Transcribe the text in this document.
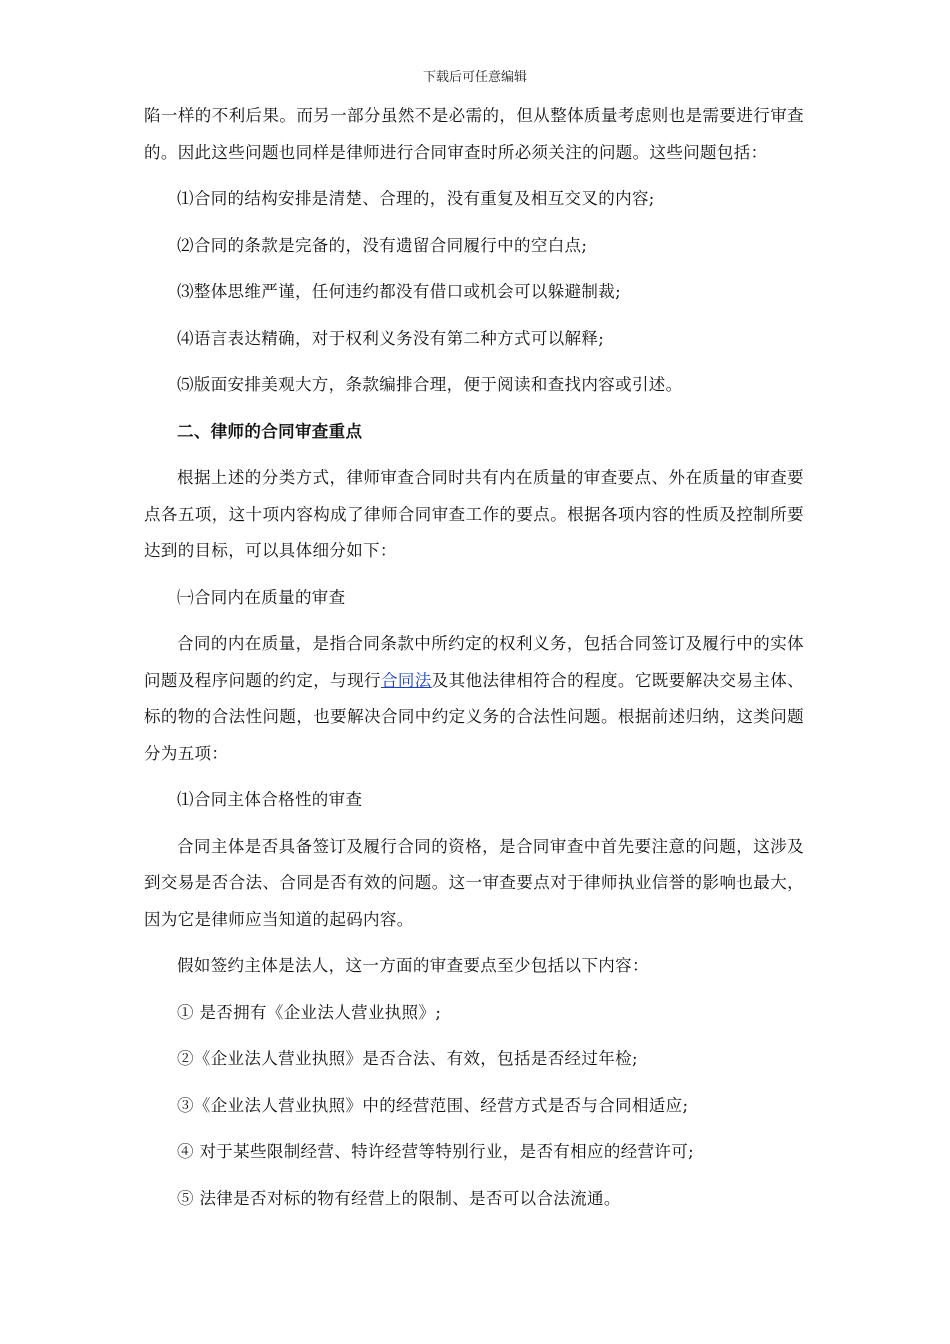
下载后可任意编辑

陷一样的不利后果。而另一部分虽然不是必需的，但从整体质量考虑则也是需要进行审查的。因此这些问题也同样是律师进行合同审查时所必须关注的问题。这些问题包括：

⑴合同的结构安排是清楚、合理的，没有重复及相互交叉的内容;

⑵合同的条款是完备的，没有遗留合同履行中的空白点;

⑶整体思维严谨，任何违约都没有借口或机会可以躲避制裁;

⑷语言表达精确，对于权利义务没有第二种方式可以解释;

⑸版面安排美观大方，条款编排合理，便于阅读和查找内容或引述。

二、律师的合同审查重点

根据上述的分类方式，律师审查合同时共有内在质量的审查要点、外在质量的审查要点各五项，这十项内容构成了律师合同审查工作的要点。根据各项内容的性质及控制所要达到的目标，可以具体细分如下：

㈠合同内在质量的审查

合同的内在质量，是指合同条款中所约定的权利义务，包括合同签订及履行中的实体问题及程序问题的约定，与现行合同法及其他法律相符合的程度。它既要解决交易主体、标的物的合法性问题，也要解决合同中约定义务的合法性问题。根据前述归纳，这类问题分为五项：

⑴合同主体合格性的审查

合同主体是否具备签订及履行合同的资格，是合同审查中首先要注意的问题，这涉及到交易是否合法、合同是否有效的问题。这一审查要点对于律师执业信誉的影响也最大，因为它是律师应当知道的起码内容。

假如签约主体是法人，这一方面的审查要点至少包括以下内容：

① 是否拥有《企业法人营业执照》;

②《企业法人营业执照》是否合法、有效，包括是否经过年检;

③《企业法人营业执照》中的经营范围、经营方式是否与合同相适应;

④ 对于某些限制经营、特许经营等特别行业，是否有相应的经营许可;

⑤ 法律是否对标的物有经营上的限制、是否可以合法流通。
